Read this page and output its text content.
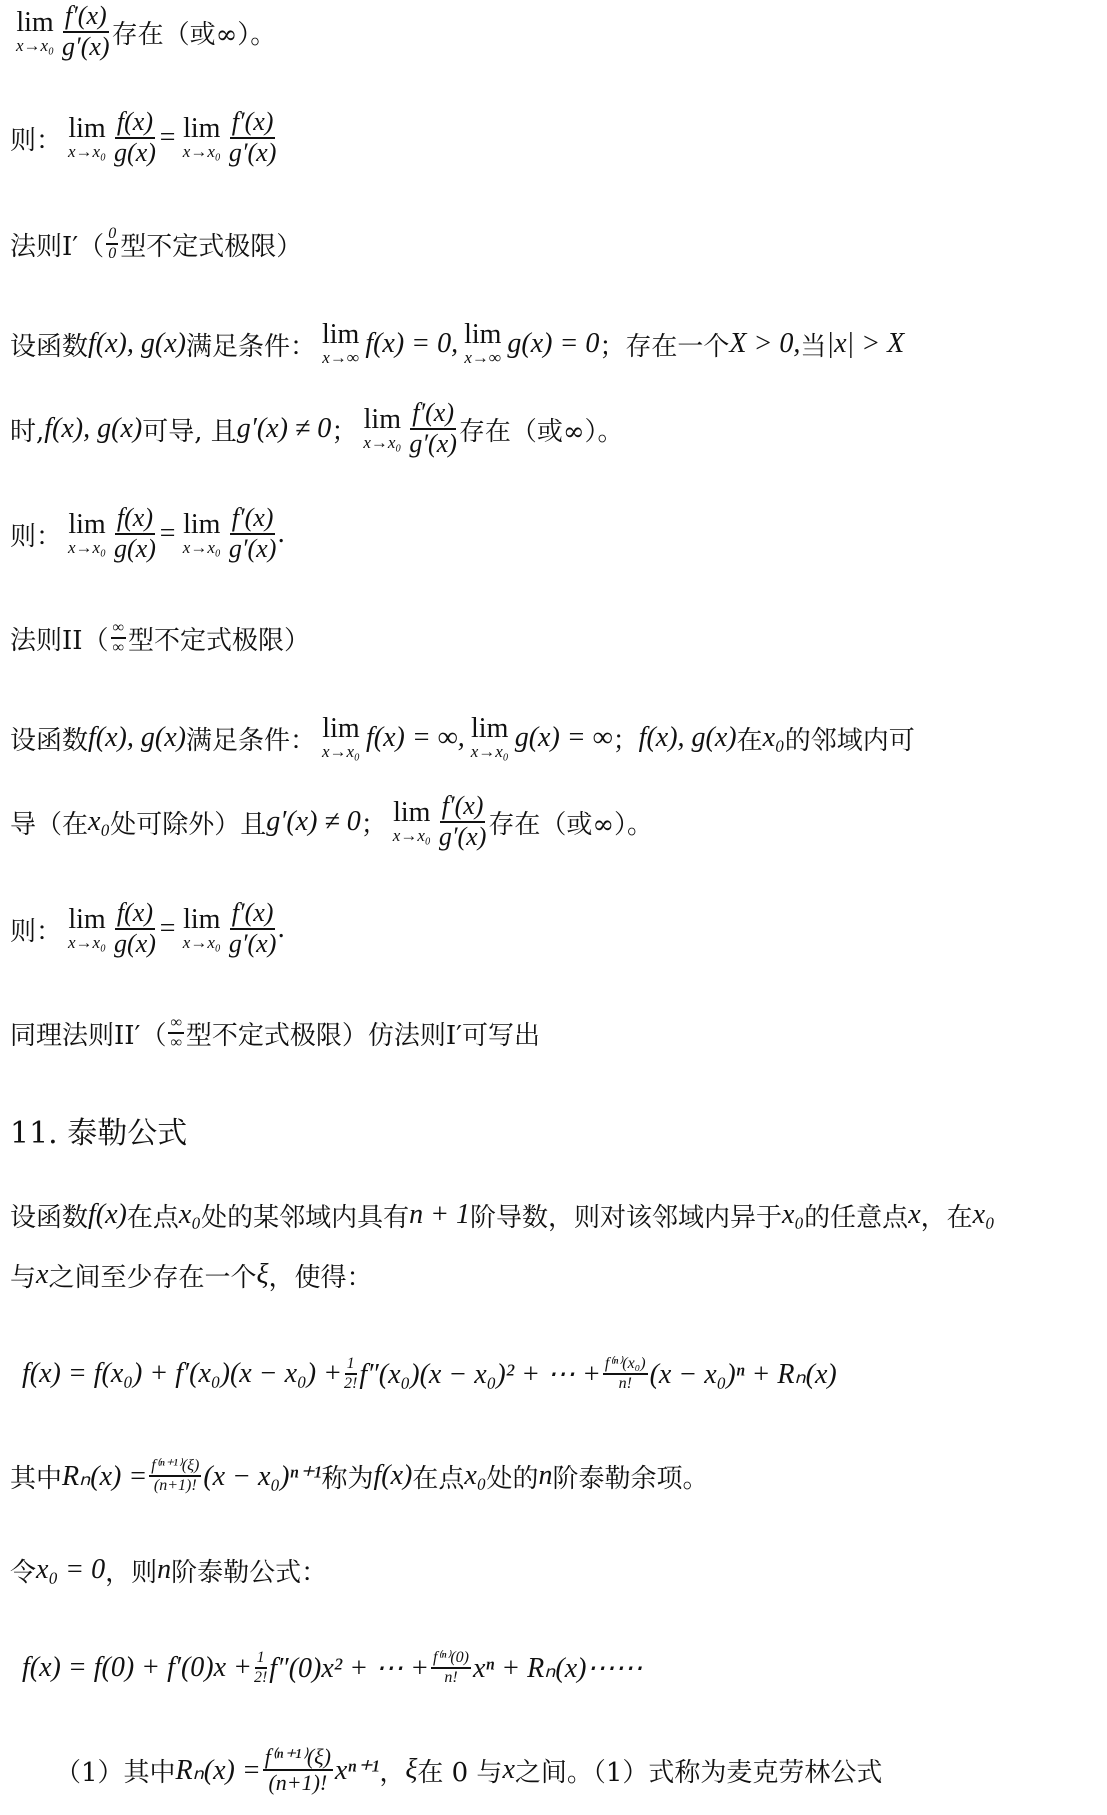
lim
$x\to x_0 \frac{f'(x)}{g'(x)}$ 存在（或∞）。
则： lim
$x\to x_0 \frac{f(x)}{g(x)} = \lim$
$x\to x_0 \frac{f'(x)}{g'(x)}$
法则$I'( \frac{0}{0}$ 型不定式极限）
设函数 f(x), g(x) 满足条件： lim
x→∞ f(x) = 0, lim
x→∞ g(x) = 0 ；存在一个 X > 0, 当 |x| > X
时, f(x), g(x) 可导, 且 g′(x) ≠ 0 ； lim
$x\to x_0 \frac{f'(x)}{g'(x)}$ 存在（或∞）。
则： lim
$x\to x_0 \frac{f(x)}{g(x)} = \lim$
$x\to x_0 \frac{f'(x)}{g'(x)}$ .
法则$II( \frac{\infty}{\infty}$ 型不定式极限）
设函数 f(x), g(x) 满足条件： lim
x→x₀ f(x) = ∞, lim
x→x₀ g(x) = ∞ ； f(x), g(x) 在 x₀ 的邻域内可
导（在 x₀ 处可除外）且 g′(x) ≠ 0 ； lim
$x\to x_0 \frac{f'(x)}{g'(x)}$ 存在（或∞）。
则： lim
$x\to x_0 \frac{f(x)}{g(x)} = \lim$
$x\to x_0 \frac{f'(x)}{g'(x)}$ .
同理法则$II'( \frac{\infty}{\infty}$ 型不定式极限）仿法则I′可写出
11. 泰勒公式
设函数 f(x) 在点 x₀ 处的某邻域内具有 n + 1 阶导数，则对该邻域内异于 x₀ 的任意点 x ，在 x₀
与 x 之间至少存在一个 ξ ，使得：
$f(x) = f(x_0) + f'(x_0)(x - x_0) + \frac{1}{2!} f''(x_0)(x - x_0)^2$ + ⋯ + $\frac{\text{f⁽ⁿ⁾(x₀)}}{n!} (x - x_0)^n + R_n(x)$
其中 $R_n(x) = \frac{\text{f⁽ⁿ⁺¹⁾(ξ)}}{(n+1)!} (x - x_0)^{n+1}$ 称为 f(x) 在点 x₀ 处的 n 阶泰勒余项。
令 x₀ = 0 ，则 n 阶泰勒公式：
$f(x) = f(0) + f'(0)x + \frac{1}{2!} f''(0)x^2$ + ⋯ + $\frac{\text{f⁽ⁿ⁾(0)}}{n!}$ xⁿ + Rₙ(x)⋯⋯
（1）其中 $R_n(x) = \frac{\text{f⁽ⁿ⁺¹⁾(ξ)}}{(n+1)!} x^{n+1}$ ， ξ 在 0 与 x 之间。（1）式称为麦克劳林公式
